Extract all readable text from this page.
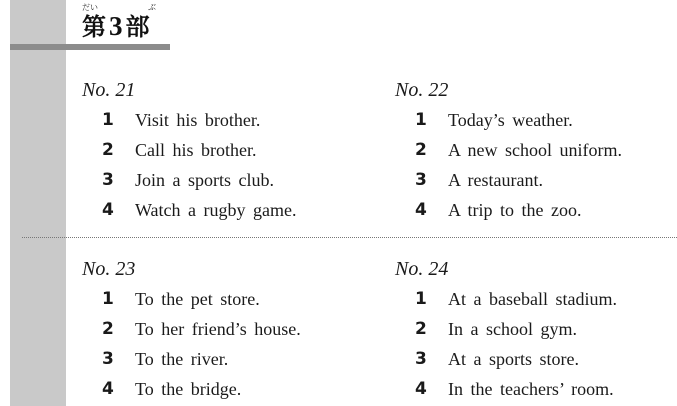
だい	ぶ
第3部
No. 21
1 Visit his brother.
2 Call his brother.
3 Join a sports club.
4 Watch a rugby game.
No. 22
1 Today’s weather.
2 A new school uniform.
3 A restaurant.
4 A trip to the zoo.
No. 23
1 To the pet store.
2 To her friend’s house.
3 To the river.
4 To the bridge.
No. 24
1 At a baseball stadium.
2 In a school gym.
3 At a sports store.
4 In the teachers’ room.
